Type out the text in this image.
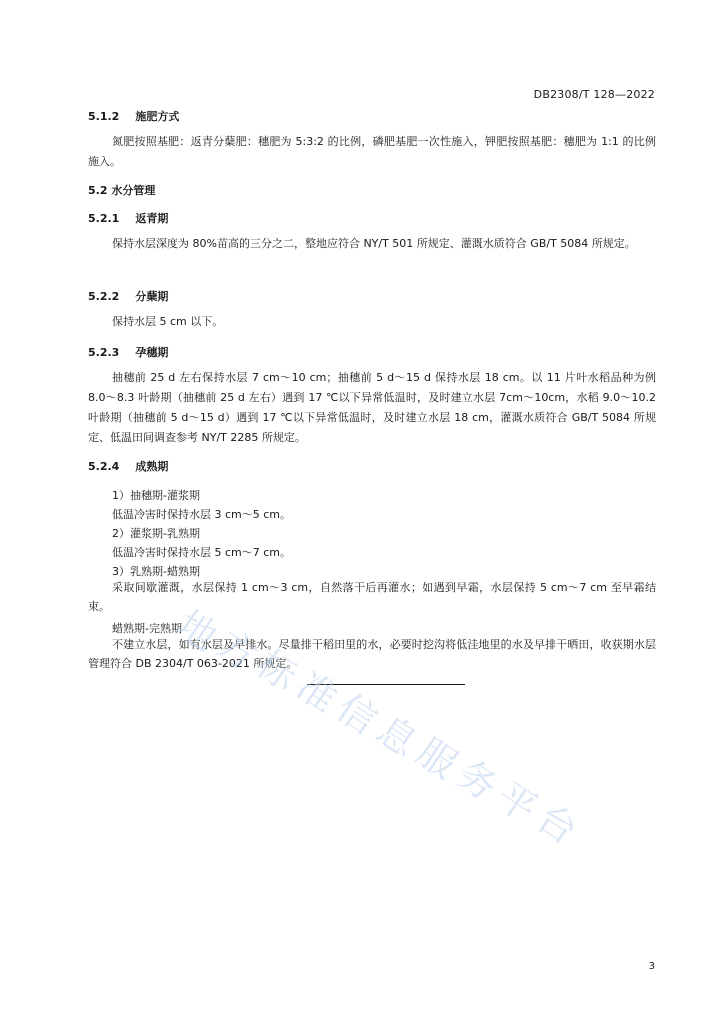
DB2308/T 128—2022
5.1.2 施肥方式
氮肥按照基肥：返青分蘖肥：穗肥为 5:3:2 的比例，磷肥基肥一次性施入，钾肥按照基肥：穗肥为 1:1 的比例施入。
5.2 水分管理
5.2.1 返青期
保持水层深度为 80%苗高的三分之二，整地应符合 NY/T 501 所规定、灌溉水质符合 GB/T 5084 所规定。
5.2.2 分蘖期
保持水层 5 cm 以下。
5.2.3 孕穗期
抽穗前 25 d 左右保持水层 7 cm～10 cm；抽穗前 5 d～15 d 保持水层 18 cm。以 11 片叶水稻品种为例 8.0～8.3 叶龄期（抽穗前 25 d 左右）遇到 17 ℃以下异常低温时，及时建立水层 7cm～10cm，水稻 9.0～10.2 叶龄期（抽穗前 5 d～15 d）遇到 17 ℃以下异常低温时，及时建立水层 18 cm，灌溉水质符合 GB/T 5084 所规定、低温田间调查参考 NY/T 2285 所规定。
5.2.4 成熟期
1）抽穗期-灌浆期
低温冷害时保持水层 3 cm～5 cm。
2）灌浆期-乳熟期
低温冷害时保持水层 5 cm～7 cm。
3）乳熟期-蜡熟期
采取间歇灌溉，水层保持 1 cm～3 cm，自然落干后再灌水；如遇到早霜，水层保持 5 cm～7 cm 至早霜结束。
蜡熟期-完熟期
不建立水层，如有水层及早排水。尽量排干稻田里的水，必要时挖沟将低洼地里的水及早排干晒田，收获期水层管理符合 DB 2304/T 063-2021 所规定。
地
方
标
准
信
息
服
务
平
台
3
